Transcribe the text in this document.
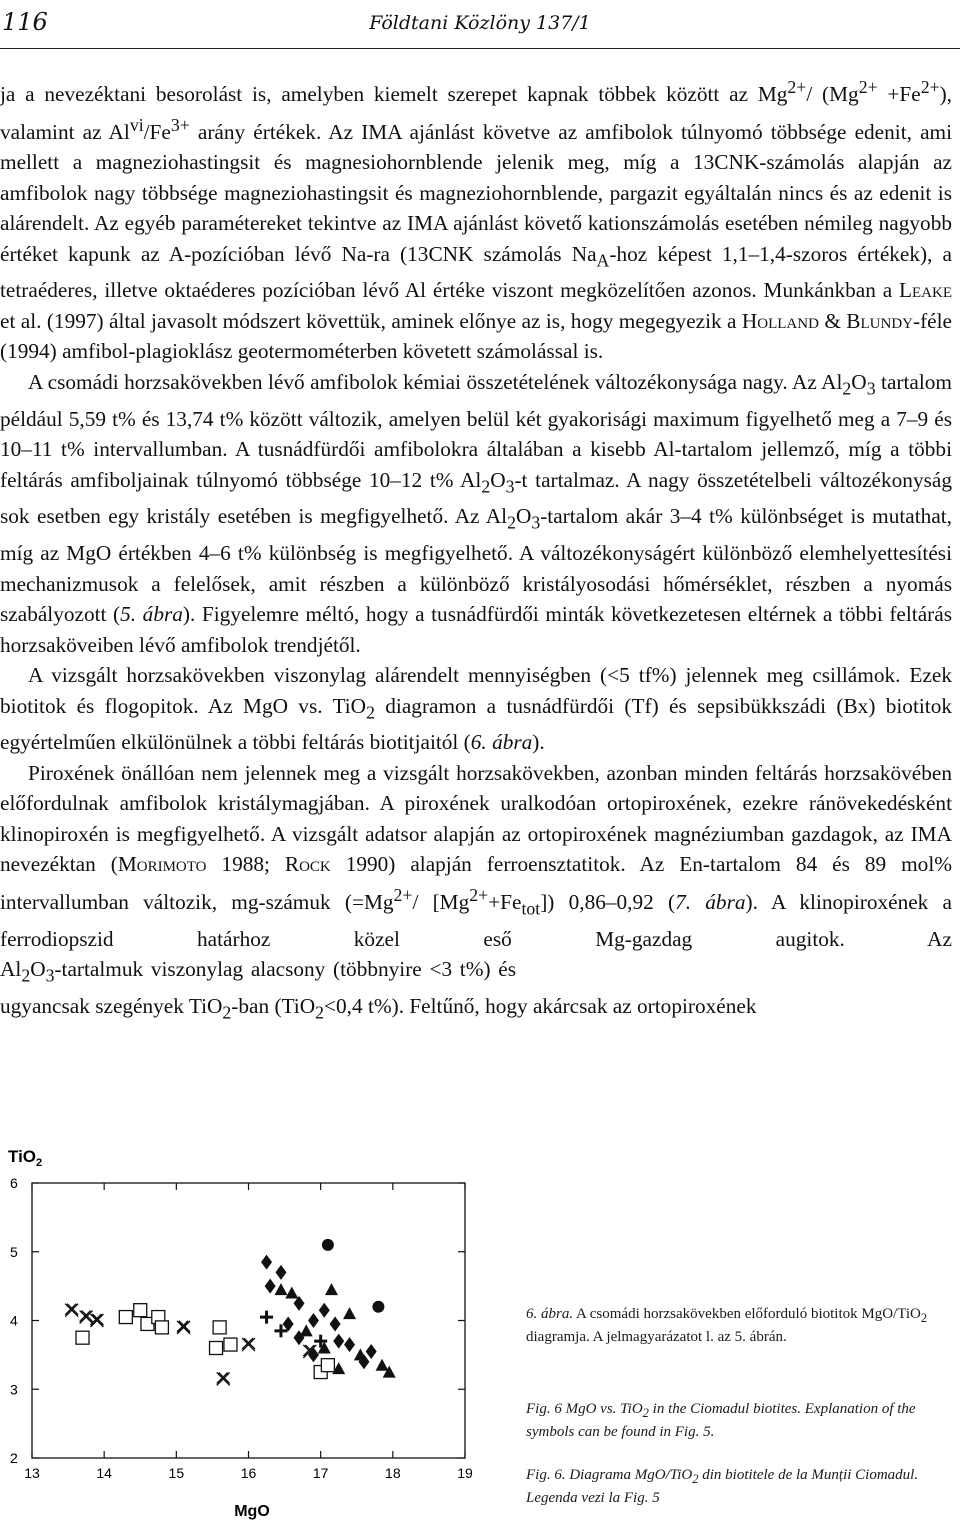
116	Földtani Közlöny 137/1

ja a nevezéktani besorolást is, amelyben kiemelt szerepet kapnak többek között az $Mg^{2+}/$ $(Mg^{2+} +Fe^{2+})$, valamint az $Al^{vi}/Fe^{3+}$ arány értékek. Az IMA ajánlást követve az amfibolok túlnyomó többsége edenit, ami mellett a magneziohastingsit és magnesiohornblende jelenik meg, míg a 13CNK-számolás alapján az amfibolok nagy többsége magneziohastingsit és magneziohornblende, pargazit egyáltalán nincs és az edenit is alárendelt. Az egyéb paramétereket tekintve az IMA ajánlást követő kationszámolás esetében némileg nagyobb értéket kapunk az A-pozícióban lévő Na-ra (13CNK számolás $Na_A$-hoz képest 1,1–1,4-szoros értékek), a tetraéderes, illetve oktaéderes pozícióban lévő Al értéke viszont megközelítően azonos. Munkánkban a Leake et al. (1997) által javasolt módszert követtük, aminek előnye az is, hogy megegyezik a Holland & Blundy-féle (1994) amfibol-plagioklász geotermométerben követett számolással is.

A csomádi horzsakövekben lévő amfibolok kémiai összetételének változékonysága nagy. Az $Al_2O_3$ tartalom például 5,59 t% és 13,74 t% között változik, amelyen belül két gyakorisági maximum figyelhető meg a 7–9 és 10–11 t% intervallumban. A tusnádfürdői amfibolokra általában a kisebb Al-tartalom jellemző, míg a többi feltárás amfiboljainak túlnyomó többsége 10–12 t% $Al_2O_3-t$ tartalmaz. A nagy összetételbeli változékonyság sok esetben egy kristály esetében is megfigyelhető. Az $Al_2O_3$-tartalom akár 3–4 t% különbséget is mutathat, míg az MgO értékben 4–6 t% különbség is megfigyelhető. A változékonyságért különböző elemhelyettesítési mechanizmusok a felelősek, amit részben a különböző kristályosodási hőmérséklet, részben a nyomás szabályozott (5. ábra). Figyelemre méltó, hogy a tusnádfürdői minták következetesen eltérnek a többi feltárás horzsaköveiben lévő amfibolok trendjétől.

A vizsgált horzsakövekben viszonylag alárendelt mennyiségben (<5 tf%) jelennek meg csillámok. Ezek biotitok és flogopitok. Az MgO vs. TiO$_2$ diagramon a tusnádfürdői (Tf) és sepsibükkszádi (Bx) biotitok egyértelműen elkülönülnek a többi feltárás biotitjaitól (6. ábra).

Piroxének önállóan nem jelennek meg a vizsgált horzsakövekben, azonban minden feltárás horzsakövében előfordulnak amfibolok kristálymagjában. A piroxének uralkodóan ortopiroxének, ezekre ránövekedésként klinopiroxén is megfigyelhető. A vizsgált adatsor alapján az ortopiroxének magnéziumban gazdagok, az IMA nevezéktan (Morimoto 1988; Rock 1990) alapján ferroensztatitok. Az En-tartalom 84 és 89 mol% intervallumban változik, mg-számuk ($=Mg^{2+}/$ $[Mg^{2+}+Fe_{tot}]$) 0,86–0,92 (7. ábra). A klinopiroxének a ferrodiopszid határhoz közel eső Mg-gazdag augitok. Az Al
$_2O_3$-tartalmuk viszonylag alacsony (többnyire <3 t%) és ugyancsak szegények TiO$_2$-ban (TiO$_2$<0,4 t%). Feltűnő, hogy akárcsak az ortopiroxének

TiO$_2$
MgO
13	14	15	16	17	18	19
2
3
4
5
6
6. ábra. A csomádi horzsakövekben előforduló biotitok MgO/TiO$_2$ diagramja. A jelmagyarázatot l. az 5. ábrán.
Fig. 6 MgO vs. TiO$_2$ in the Ciomadul biotites. Explanation of the symbols can be found in Fig. 5.
Fig. 6. Diagrama MgO/TiO$_2$ din biotitele de la Munții Ciomadul. Legenda vezi la Fig. 5
